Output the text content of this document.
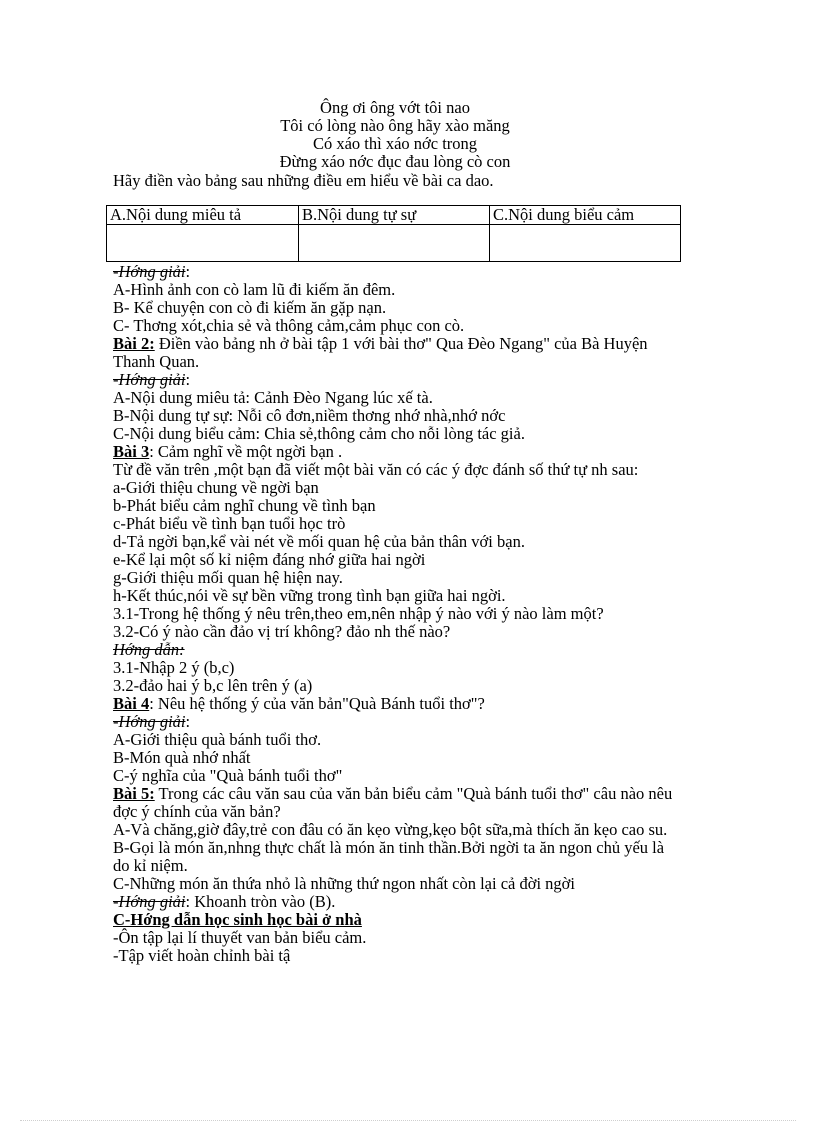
Ông ơi ông vớt tôi nao
Tôi có lòng nào ông hãy xào măng
Có xáo thì xáo nớc trong
Đừng xáo nớc đục đau lòng cò con
Hãy điền vào bảng sau những điều em hiểu về bài ca dao.
A.Nội dung miêu tả	B.Nội dung tự sự	C.Nội dung biểu cảm

-Hớng giải:
A-Hình ảnh con cò lam lũ đi kiếm ăn đêm.
B- Kể chuyện con cò đi kiếm ăn gặp nạn.
C- Thơng xót,chia sẻ và thông cảm,cảm phục con cò.
Bài 2: Điền vào bảng nh ở bài tập 1 với bài thơ" Qua Đèo Ngang" của Bà Huyện Thanh Quan.
-Hớng giải:
A-Nội dung miêu tả: Cảnh Đèo Ngang lúc xế tà.
B-Nội dung tự sự: Nỗi cô đơn,niềm thơng nhớ nhà,nhớ nớc
C-Nội dung biểu cảm: Chia sẻ,thông cảm cho nỗi lòng tác giả.
Bài 3: Cảm nghĩ về một ngời bạn .
Từ đề văn trên ,một bạn đã viết một bài văn có các ý đợc đánh số thứ tự nh sau:
a-Giới thiệu chung về ngời bạn
b-Phát biểu cảm nghĩ chung về tình bạn
c-Phát biểu về tình bạn tuổi học trò
d-Tả ngời bạn,kể vài nét về mối quan hệ của bản thân với bạn.
e-Kể lại một số kỉ niệm đáng nhớ giữa hai ngời
g-Giới thiệu mối quan hệ hiện nay.
h-Kết thúc,nói về sự bền vững trong tình bạn giữa hai ngời.
3.1-Trong hệ thống ý nêu trên,theo em,nên nhập ý nào với ý nào làm một?
3.2-Có ý nào cần đảo vị trí không? đảo nh thế nào?
Hớng dẫn:
3.1-Nhập 2 ý (b,c)
3.2-đảo hai ý b,c lên trên ý (a)
Bài 4: Nêu hệ thống ý của văn bản"Quà Bánh tuổi thơ"?
-Hớng giải:
A-Giới thiệu quà bánh tuổi thơ.
B-Món quà nhớ nhất
C-ý nghĩa của "Quà bánh tuổi thơ"
Bài 5: Trong các câu văn sau của văn bản biểu cảm "Quà bánh tuổi thơ" câu nào nêu đợc ý chính của văn bản?
A-Và chăng,giờ đây,trẻ con đâu có ăn kẹo vừng,kẹo bột sữa,mà thích ăn kẹo cao su.
B-Gọi là món ăn,nhng thực chất là món ăn tinh thần.Bởi ngời ta ăn ngon chủ yếu là do kỉ niệm.
C-Những món ăn thứa nhỏ là những thứ ngon nhất còn lại cả đời ngời
-Hớng giải: Khoanh tròn vào (B).
C-Hớng dẫn học sinh học bài ở nhà
-Ôn tập lại lí thuyết van bản biểu cảm.
-Tập viết hoàn chỉnh bài tậ
